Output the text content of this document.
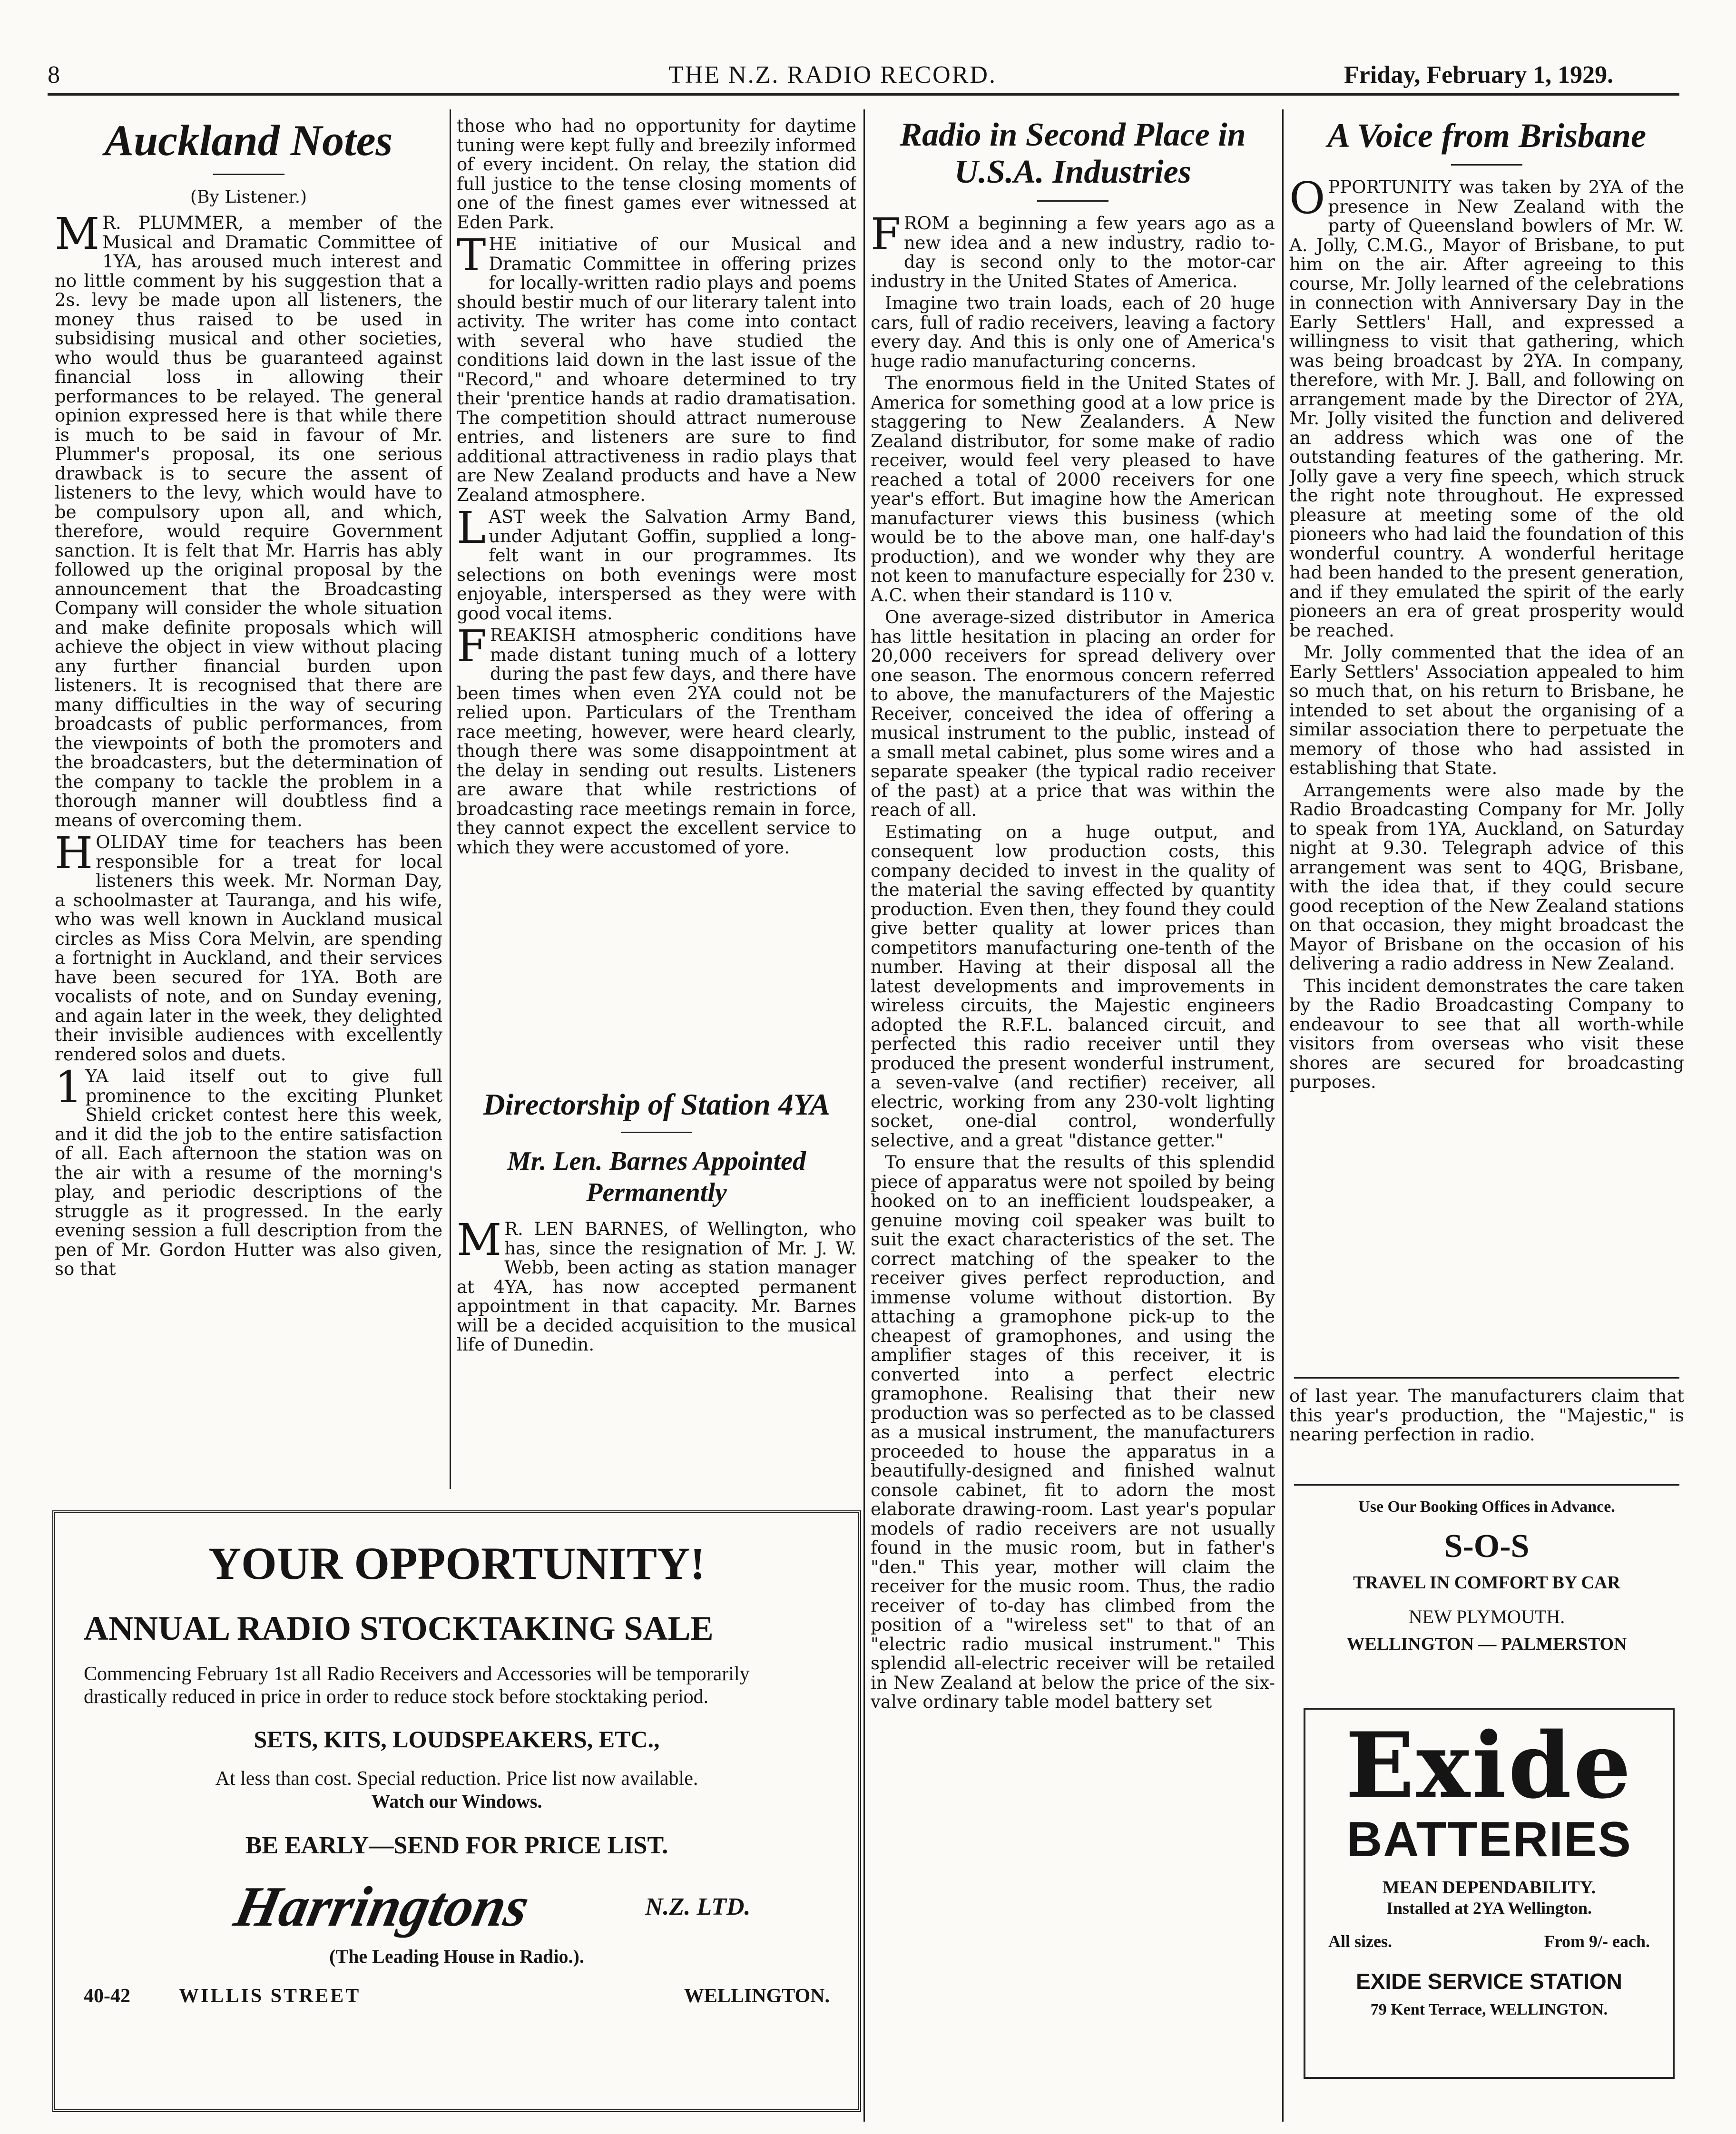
8	THE N.Z. RADIO RECORD.	Friday, February 1, 1929.
Auckland Notes
(By Listener.)

MR. PLUMMER, a member of the Musical and Dramatic Committee of 1YA, has aroused much interest and no little comment by his suggestion that a 2s. levy be made upon all listeners, the money thus raised to be used in subsidising musical and other societies, who would thus be guaranteed against financial loss in allowing their performances to be relayed. The general opinion expressed here is that while there is much to be said in favour of Mr. Plummer's proposal, its one serious drawback is to secure the assent of listeners to the levy, which would have to be compulsory upon all, and which, therefore, would require Government sanction. It is felt that Mr. Harris has ably followed up the original proposal by the announcement that the Broadcasting Company will consider the whole situation and make definite proposals which will achieve the object in view without placing any further financial burden upon listeners. It is recognised that there are many difficulties in the way of securing broadcasts of public performances, from the viewpoints of both the promoters and the broadcasters, but the determination of the company to tackle the problem in a thorough manner will doubtless find a means of overcoming them.

HOLIDAY time for teachers has been responsible for a treat for local listeners this week. Mr. Norman Day, a schoolmaster at Tauranga, and his wife, who was well known in Auckland musical circles as Miss Cora Melvin, are spending a fortnight in Auckland, and their services have been secured for 1YA. Both are vocalists of note, and on Sunday evening, and again later in the week, they delighted their invisible audiences with excellently rendered solos and duets.

1YA laid itself out to give full prominence to the exciting Plunket Shield cricket contest here this week, and it did the job to the entire satisfaction of all. Each afternoon the station was on the air with a resume of the morning's play, and periodic descriptions of the struggle as it progressed. In the early evening session a full description from the pen of Mr. Gordon Hutter was also given, so that

those who had no opportunity for daytime tuning were kept fully and breezily informed of every incident. On relay, the station did full justice to the tense closing moments of one of the finest games ever witnessed at Eden Park.

THE initiative of our Musical and Dramatic Committee in offering prizes for locally-written radio plays and poems should bestir much of our literary talent into activity. The writer has come into contact with several who have studied the conditions laid down in the last issue of the "Record," and whoare determined to try their 'prentice hands at radio dramatisation. The competition should attract numerouse entries, and listeners are sure to find additional attractiveness in radio plays that are New Zealand products and have a New Zealand atmosphere.

LAST week the Salvation Army Band, under Adjutant Goffin, supplied a long-felt want in our programmes. Its selections on both evenings were most enjoyable, interspersed as they were with good vocal items.

FREAKISH atmospheric conditions have made distant tuning much of a lottery during the past few days, and there have been times when even 2YA could not be relied upon. Particulars of the Trentham race meeting, however, were heard clearly, though there was some disappointment at the delay in sending out results. Listeners are aware that while restrictions of broadcasting race meetings remain in force, they cannot expect the excellent service to which they were accustomed of yore.

Directorship of Station 4YA
Mr. Len. Barnes Appointed Permanently

MR. LEN BARNES, of Wellington, who has, since the resignation of Mr. J. W. Webb, been acting as station manager at 4YA, has now accepted permanent appointment in that capacity. Mr. Barnes will be a decided acquisition to the musical life of Dunedin.

Radio in Second Place in U.S.A. Industries

FROM a beginning a few years ago as a new idea and a new industry, radio to-day is second only to the motor-car industry in the United States of America.

Imagine two train loads, each of 20 huge cars, full of radio receivers, leaving a factory every day. And this is only one of America's huge radio manufacturing concerns.

The enormous field in the United States of America for something good at a low price is staggering to New Zealanders. A New Zealand distributor, for some make of radio receiver, would feel very pleased to have reached a total of 2000 receivers for one year's effort. But imagine how the American manufacturer views this business (which would be to the above man, one half-day's production), and we wonder why they are not keen to manufacture especially for 230 v. A.C. when their standard is 110 v.

One average-sized distributor in America has little hesitation in placing an order for 20,000 receivers for spread delivery over one season. The enormous concern referred to above, the manufacturers of the Majestic Receiver, conceived the idea of offering a musical instrument to the public, instead of a small metal cabinet, plus some wires and a separate speaker (the typical radio receiver of the past) at a price that was within the reach of all.

Estimating on a huge output, and consequent low production costs, this company decided to invest in the quality of the material the saving effected by quantity production. Even then, they found they could give better quality at lower prices than competitors manufacturing one-tenth of the number. Having at their disposal all the latest developments and improvements in wireless circuits, the Majestic engineers adopted the R.F.L. balanced circuit, and perfected this radio receiver until they produced the present wonderful instrument, a seven-valve (and rectifier) receiver, all electric, working from any 230-volt lighting socket, one-dial control, wonderfully selective, and a great "distance getter."

To ensure that the results of this splendid piece of apparatus were not spoiled by being hooked on to an inefficient loudspeaker, a genuine moving coil speaker was built to suit the exact characteristics of the set. The correct matching of the speaker to the receiver gives perfect reproduction, and immense volume without distortion. By attaching a gramophone pick-up to the cheapest of gramophones, and using the amplifier stages of this receiver, it is converted into a perfect electric gramophone. Realising that their new production was so perfected as to be classed as a musical instrument, the manufacturers proceeded to house the apparatus in a beautifully-designed and finished walnut console cabinet, fit to adorn the most elaborate drawing-room. Last year's popular models of radio receivers are not usually found in the music room, but in father's "den." This year, mother will claim the receiver for the music room. Thus, the radio receiver of to-day has climbed from the position of a "wireless set" to that of an "electric radio musical instrument." This splendid all-electric receiver will be retailed in New Zealand at below the price of the six-valve ordinary table model battery set

A Voice from Brisbane

OPPORTUNITY was taken by 2YA of the presence in New Zealand with the party of Queensland bowlers of Mr. W. A. Jolly, C.M.G., Mayor of Brisbane, to put him on the air. After agreeing to this course, Mr. Jolly learned of the celebrations in connection with Anniversary Day in the Early Settlers' Hall, and expressed a willingness to visit that gathering, which was being broadcast by 2YA. In company, therefore, with Mr. J. Ball, and following on arrangement made by the Director of 2YA, Mr. Jolly visited the function and delivered an address which was one of the outstanding features of the gathering. Mr. Jolly gave a very fine speech, which struck the right note throughout. He expressed pleasure at meeting some of the old pioneers who had laid the foundation of this wonderful country. A wonderful heritage had been handed to the present generation, and if they emulated the spirit of the early pioneers an era of great prosperity would be reached.

Mr. Jolly commented that the idea of an Early Settlers' Association appealed to him so much that, on his return to Brisbane, he intended to set about the organising of a similar association there to perpetuate the memory of those who had assisted in establishing that State.

Arrangements were also made by the Radio Broadcasting Company for Mr. Jolly to speak from 1YA, Auckland, on Saturday night at 9.30. Telegraph advice of this arrangement was sent to 4QG, Brisbane, with the idea that, if they could secure good reception of the New Zealand stations on that occasion, they might broadcast the Mayor of Brisbane on the occasion of his delivering a radio address in New Zealand.

This incident demonstrates the care taken by the Radio Broadcasting Company to endeavour to see that all worth-while visitors from overseas who visit these shores are secured for broadcasting purposes.

of last year. The manufacturers claim that this year's production, the "Majestic," is nearing perfection in radio.

YOUR OPPORTUNITY!
ANNUAL RADIO STOCKTAKING SALE
Commencing February 1st all Radio Receivers and Accessories will be temporarily drastically reduced in price in order to reduce stock before stocktaking period.
SETS, KITS, LOUDSPEAKERS, ETC.,
At less than cost. Special reduction. Price list now available.
Watch our Windows.
BE EARLY—SEND FOR PRICE LIST.
Harringtons	N.Z. LTD.
(The Leading House in Radio.).
40-42 WILLIS STREET	WELLINGTON.
Use Our Booking Offices in Advance.
S-O-S
TRAVEL IN COMFORT BY CAR
NEW PLYMOUTH.
WELLINGTON — PALMERSTON
Exide
BATTERIES
MEAN DEPENDABILITY.
Installed at 2YA Wellington.
All sizes.	From 9/- each.
EXIDE SERVICE STATION
79 Kent Terrace, WELLINGTON.
